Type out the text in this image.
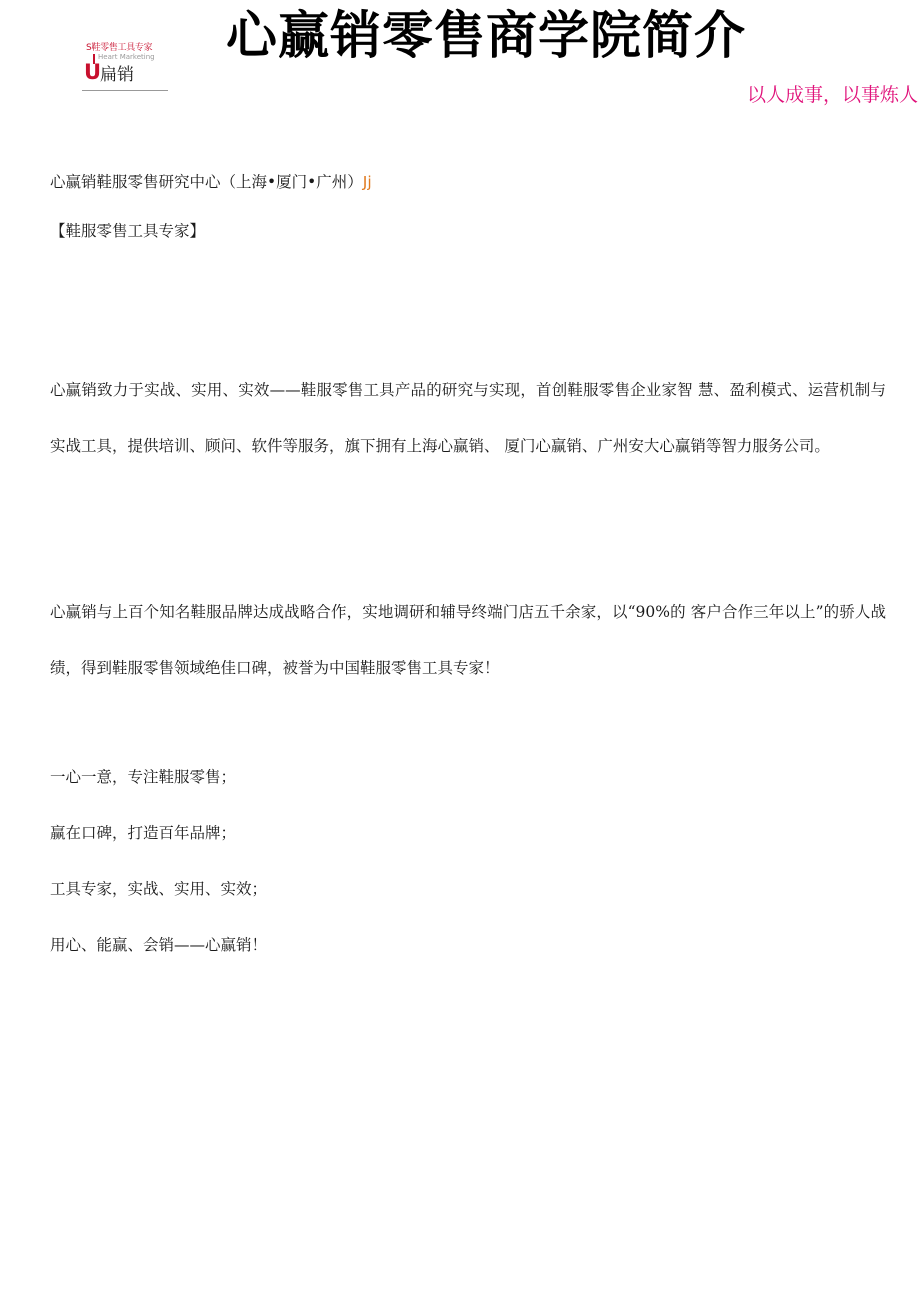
S鞋零售工具专家
Heart Marketing
U
扁销
心赢销零售商学院简介
以人成事，以事炼人
心赢销鞋服零售研究中心（上海•厦门•广州）Jj
【鞋服零售工具专家】

心赢销致力于实战、实用、实效——鞋服零售工具产品的研究与实现，首创鞋服零售企业家智 慧、盈利模式、运营机制与实战工具，提供培训、顾问、软件等服务，旗下拥有上海心赢销、 厦门心赢销、广州安大心赢销等智力服务公司。

心赢销与上百个知名鞋服品牌达成战略合作，实地调研和辅导终端门店五千余家，以“90%的 客户合作三年以上”的骄人战绩，得到鞋服零售领域绝佳口碑，被誉为中国鞋服零售工具专家！

一心一意，专注鞋服零售；
赢在口碑，打造百年品牌；
工具专家，实战、实用、实效；
用心、能赢、会销——心赢销！
